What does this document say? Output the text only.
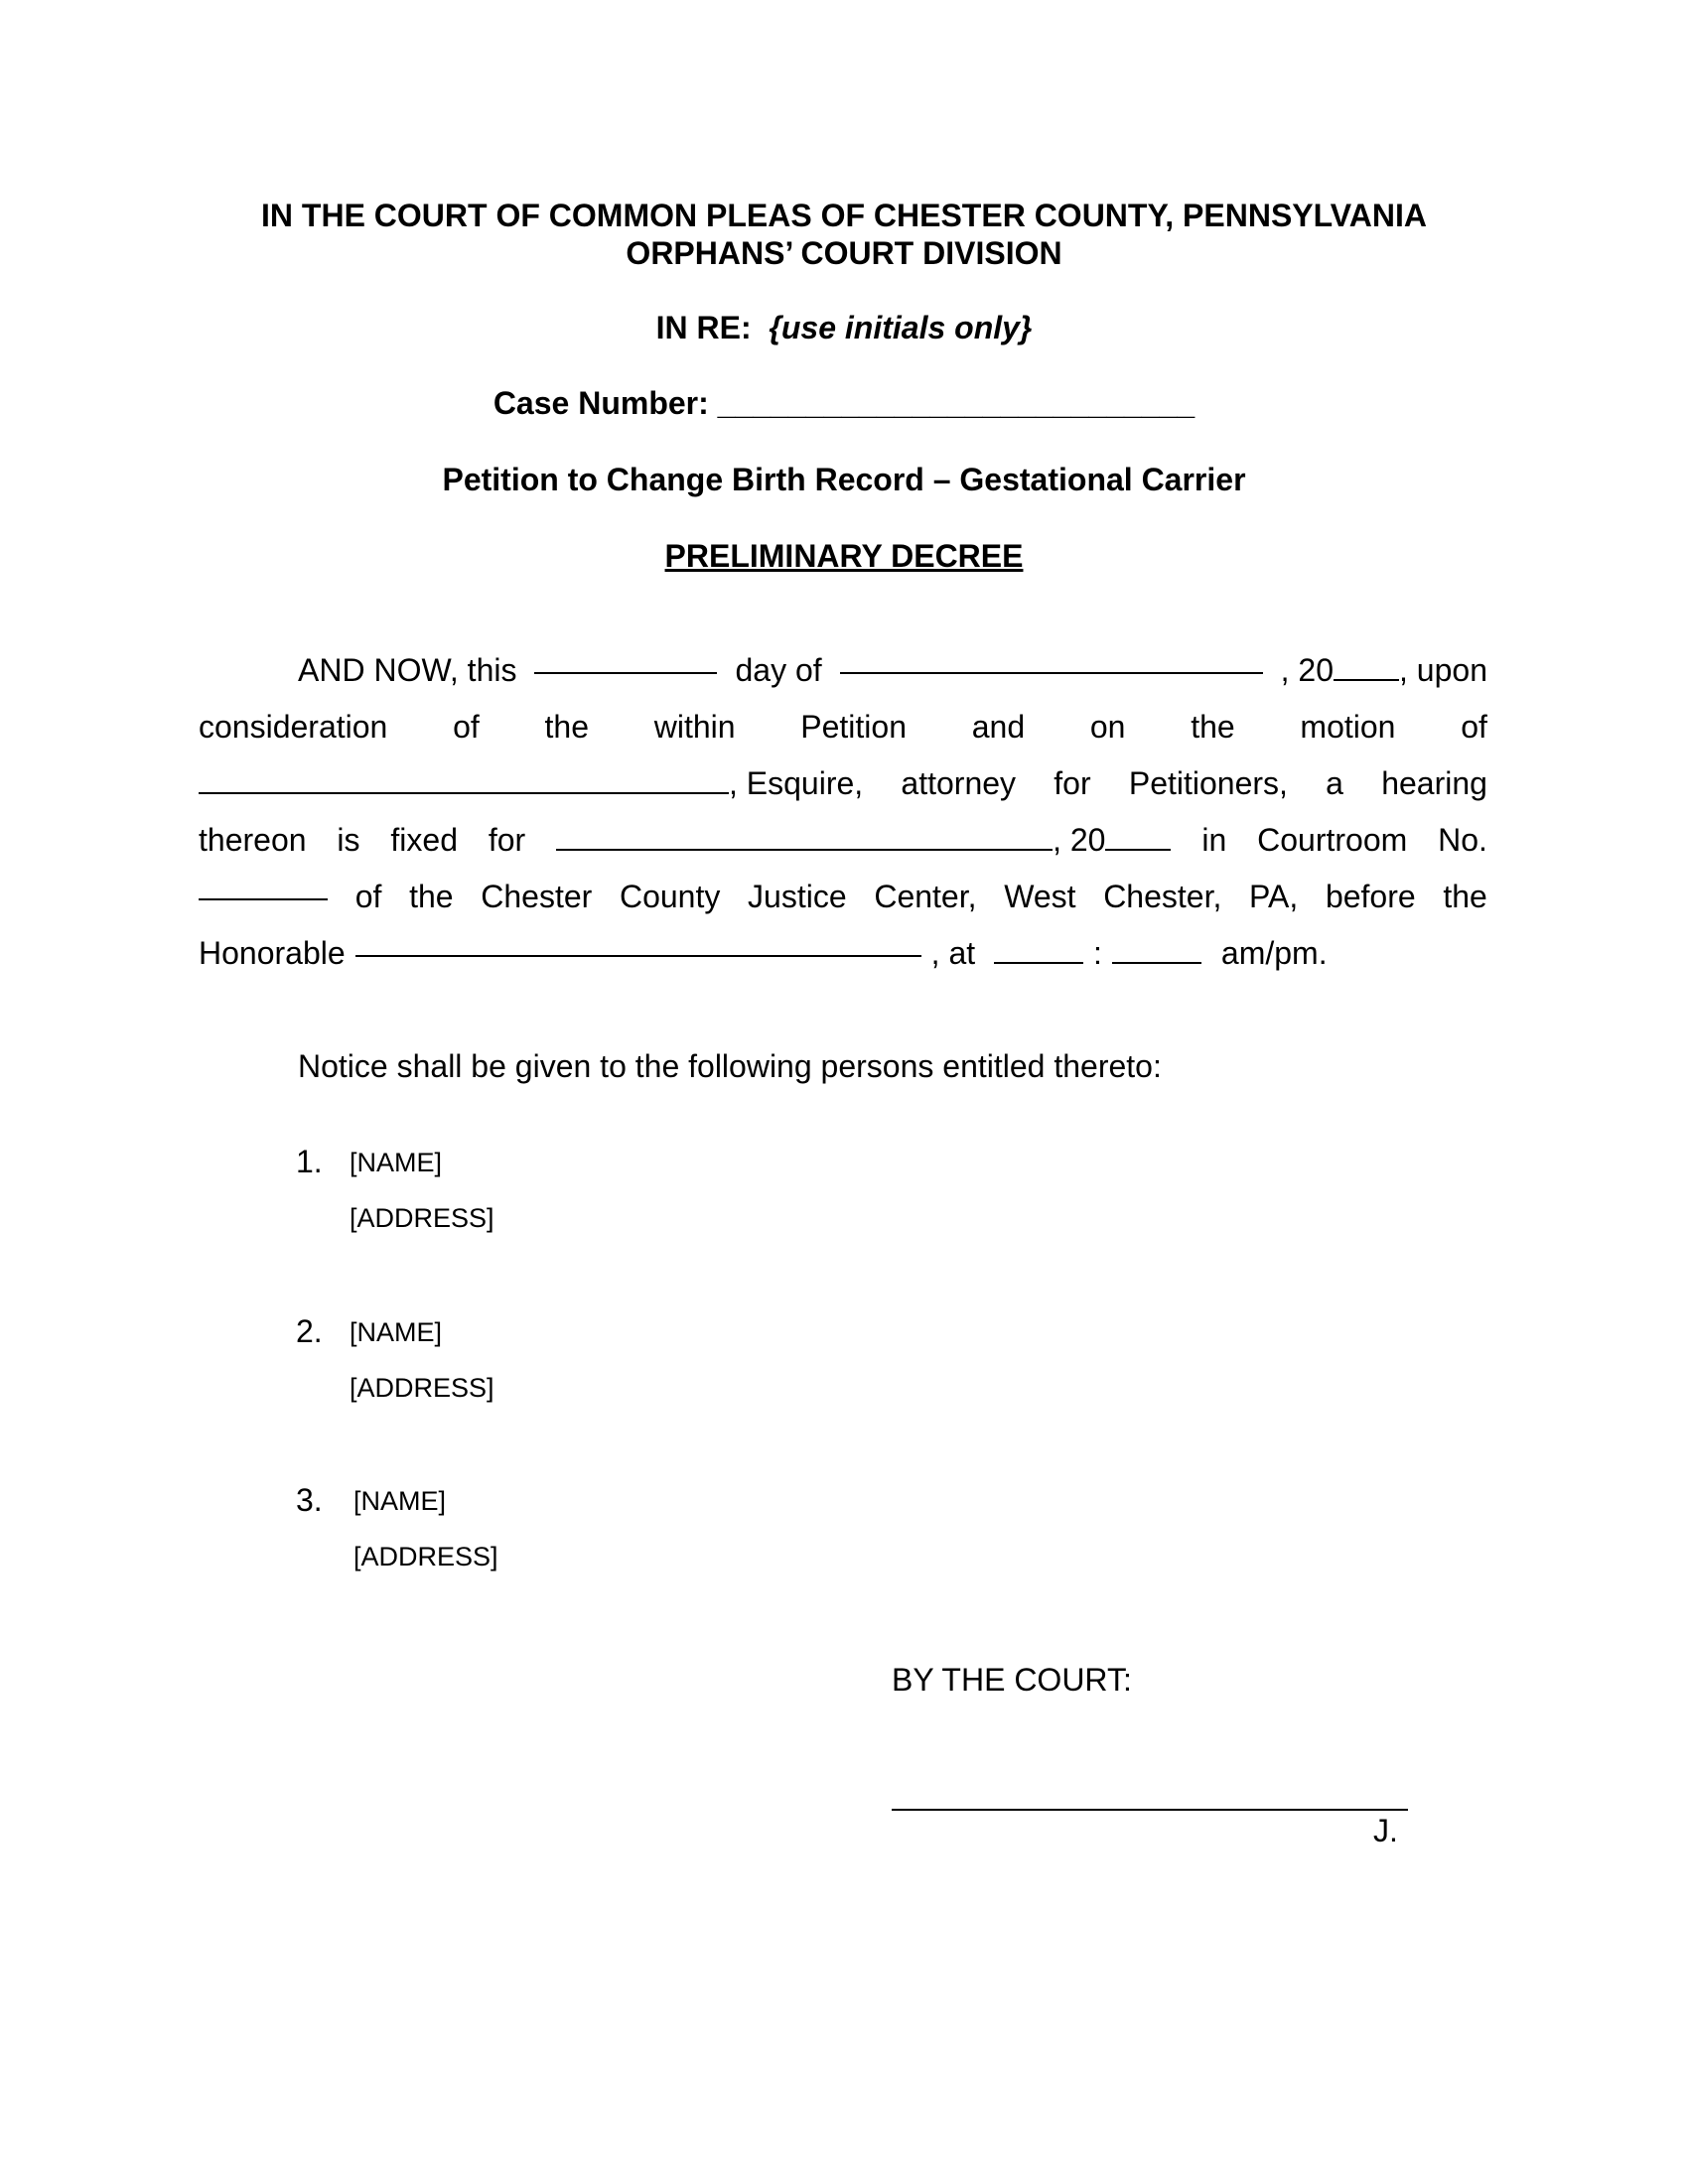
IN THE COURT OF COMMON PLEAS OF CHESTER COUNTY, PENNSYLVANIA
ORPHANS’ COURT DIVISION
IN RE: {use initials only}
Case Number: ___________________________
Petition to Change Birth Record – Gestational Carrier
PRELIMINARY DECREE
AND NOW, this	day of	, 20 , upon
consideration of the within Petition and on the motion of
, Esquire, attorney for Petitioners, a hearing
thereon is fixed for	, 20	in Courtroom No.
of the Chester County Justice Center, West Chester, PA, before the
Honorable	, at	:	am/pm.
Notice shall be given to the following persons entitled thereto:
1. [NAME]
[ADDRESS]
2. [NAME]
[ADDRESS]
3. [NAME]
[ADDRESS]
BY THE COURT:
J.
